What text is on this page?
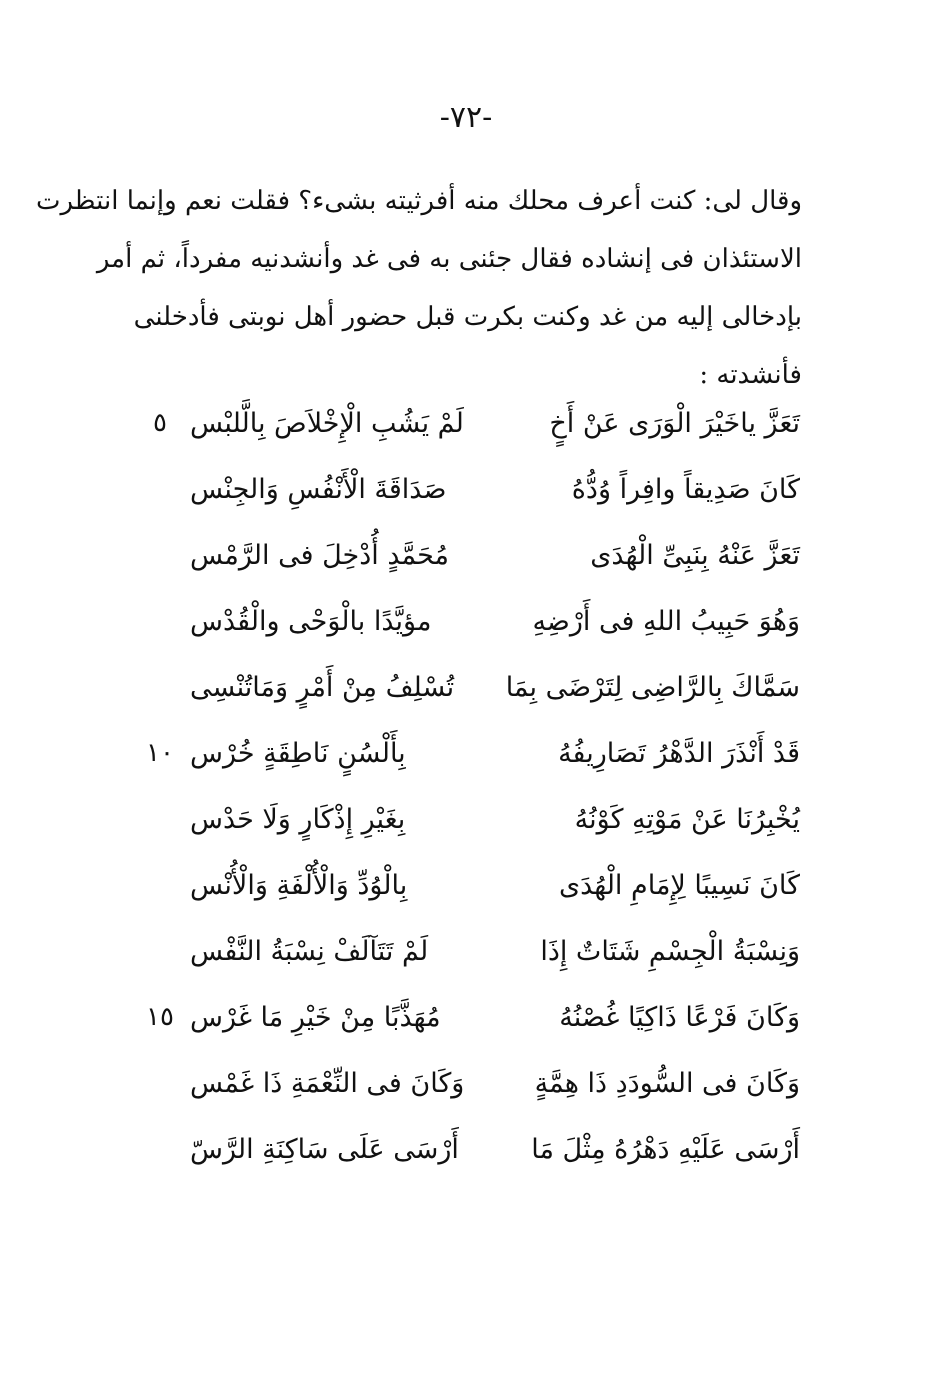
-٧٢-
وقال لى: كنت أعرف محلك منه أفرثيته بشىء؟ فقلت نعم وإنما انتظرت
الاستئذان فى إنشاده فقال جئنى به فى غد وأنشدنيه مفرداً، ثم أمر
بإدخالى إليه من غد وكنت بكرت قبل حضور أهل نوبتى فأدخلنى
فأنشدته :
٥	تَعَزَّ ياخَيْرَ الْوَرَى عَنْ أَخٍ
لَمْ يَشُبِ الْإِخْلاَصَ بِالَّلبْس
كَانَ صَدِيقاً وافِراً وُدُّهُ
صَدَاقَةَ الْأَنْفُسِ وَالجِنْس
تَعَزَّ عَنْهُ بِنَبِىِّ الْهُدَى
مُحَمَّدٍ أُدْخِلَ فى الرَّمْس
وَهُوَ حَبِيبُ اللهِ فى أَرْضِهِ
مؤيَّدًا بالْوَحْى والْقُدْس
سَمَّاكَ بِالرَّاضِى لِتَرْضَى بِمَا
تُسْلِفُ مِنْ أَمْرٍ وَمَاتُنْسِى
١٠	قَدْ أَنْذَرَ الدَّهْرُ تَصَارِيفُهُ
بِأَلْسُنٍ نَاطِقَةٍ خُرْس
يُخْبِرُنَا عَنْ مَوْتِهِ كَوْنُهُ
بِغَيْرِ إِذْكَارٍ وَلَا حَدْس
كَانَ نَسِيبًا لِإِمَامِ الْهُدَى
بِالْوُدِّ وَالْأُلْفَةِ وَالْأُنْس
وَنِسْبَةُ الْجِسْمِ شَتَاتٌ إِذَا
لَمْ تَتَآلَفْ نِسْبَةُ النَّفْس
١٥	وَكَانَ فَرْعًا ذَاكِيًا غُصْنُهُ
مُهَذَّبًا مِنْ خَيْرِ مَا غَرْس
وَكَانَ فى السُّودَدِ ذَا هِمَّةٍ
وَكَانَ فى النِّعْمَةِ ذَا غَمْس
أَرْسَى عَلَيْهِ دَهْرُهُ مِثْلَ مَا
أَرْسَى عَلَى سَاكِنَةِ الرَّسّ
